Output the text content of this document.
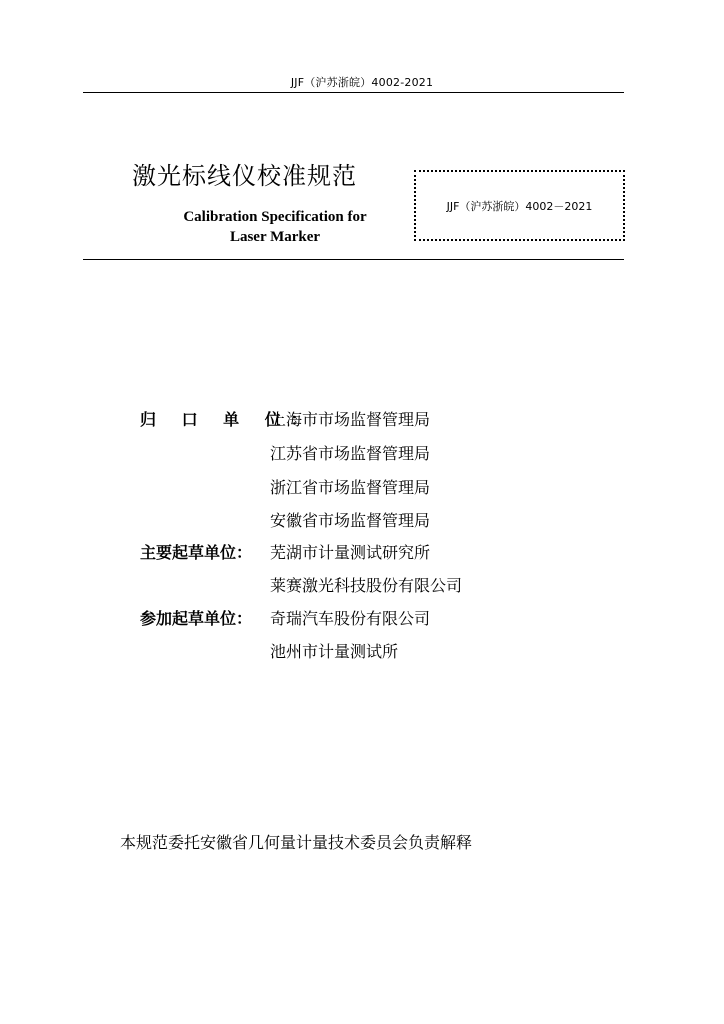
JJF（沪苏浙皖）4002-2021
激光标线仪校准规范
Calibration Specification for
Laser Marker
JJF（沪苏浙皖）4002－2021
归 口 单 位：
上海市市场监督管理局
江苏省市场监督管理局
浙江省市场监督管理局
安徽省市场监督管理局
主要起草单位：	芜湖市计量测试研究所
莱赛激光科技股份有限公司
参加起草单位：	奇瑞汽车股份有限公司
池州市计量测试所
本规范委托安徽省几何量计量技术委员会负责解释
